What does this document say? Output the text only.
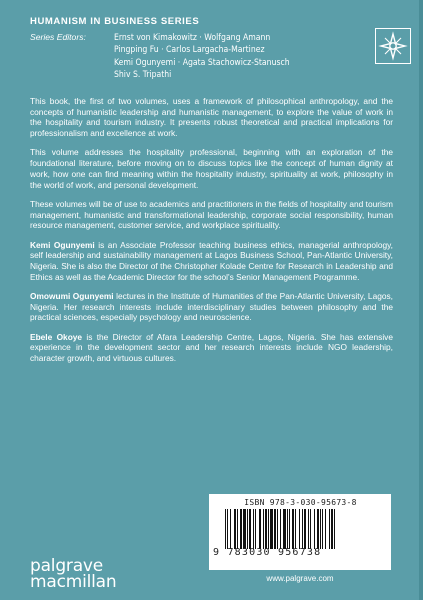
HUMANISM IN BUSINESS SERIES
Series Editors:	Ernst von Kimakowitz · Wolfgang Amann
Pingping Fu · Carlos Largacha-Martinez
Kemi Ogunyemi · Agata Stachowicz-Stanusch
Shiv S. Tripathi

This book, the first of two volumes, uses a framework of philosophical anthropology, and the concepts of humanistic leadership and humanistic management, to explore the value of work in the hospitality and tourism industry. It presents robust theoretical and practical implications for professionalism and excellence at work.

This volume addresses the hospitality professional, beginning with an exploration of the foundational literature, before moving on to discuss topics like the concept of human dignity at work, how one can find meaning within the hospitality industry, spirituality at work, philosophy in the world of work, and personal development.

These volumes will be of use to academics and practitioners in the fields of hospitality and tourism management, humanistic and transformational leadership, corporate social responsibility, human resource management, customer service, and workplace spirituality.

Kemi Ogunyemi is an Associate Professor teaching business ethics, managerial anthropology, self leadership and sustainability management at Lagos Business School, Pan-Atlantic University, Nigeria. She is also the Director of the Christopher Kolade Centre for Research in Leadership and Ethics as well as the Academic Director for the school's Senior Management Programme.

Omowumi Ogunyemi lectures in the Institute of Humanities of the Pan-Atlantic University, Lagos, Nigeria. Her research interests include interdisciplinary studies between philosophy and the practical sciences, especially psychology and neuroscience.

Ebele Okoye is the Director of Afara Leadership Centre, Lagos, Nigeria. She has extensive experience in the development sector and her research interests include NGO leadership, character growth, and virtuous cultures.

ISBN 978-3-030-95673-8
9 783030 956738
www.palgrave.com
palgrave
macmillan
